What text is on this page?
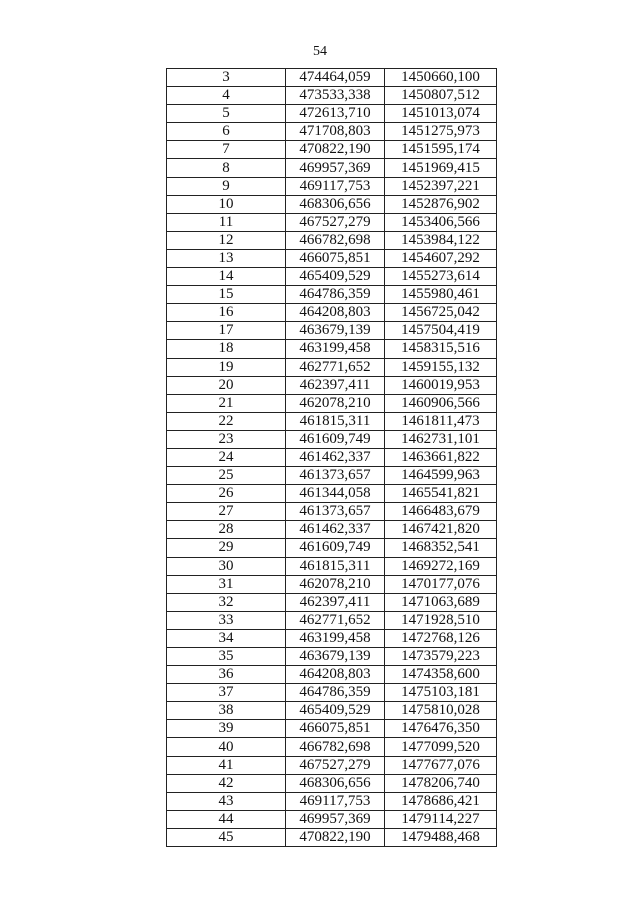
54
3	474464,059	1450660,100
4	473533,338	1450807,512
5	472613,710	1451013,074
6	471708,803	1451275,973
7	470822,190	1451595,174
8	469957,369	1451969,415
9	469117,753	1452397,221
10	468306,656	1452876,902
11	467527,279	1453406,566
12	466782,698	1453984,122
13	466075,851	1454607,292
14	465409,529	1455273,614
15	464786,359	1455980,461
16	464208,803	1456725,042
17	463679,139	1457504,419
18	463199,458	1458315,516
19	462771,652	1459155,132
20	462397,411	1460019,953
21	462078,210	1460906,566
22	461815,311	1461811,473
23	461609,749	1462731,101
24	461462,337	1463661,822
25	461373,657	1464599,963
26	461344,058	1465541,821
27	461373,657	1466483,679
28	461462,337	1467421,820
29	461609,749	1468352,541
30	461815,311	1469272,169
31	462078,210	1470177,076
32	462397,411	1471063,689
33	462771,652	1471928,510
34	463199,458	1472768,126
35	463679,139	1473579,223
36	464208,803	1474358,600
37	464786,359	1475103,181
38	465409,529	1475810,028
39	466075,851	1476476,350
40	466782,698	1477099,520
41	467527,279	1477677,076
42	468306,656	1478206,740
43	469117,753	1478686,421
44	469957,369	1479114,227
45	470822,190	1479488,468
